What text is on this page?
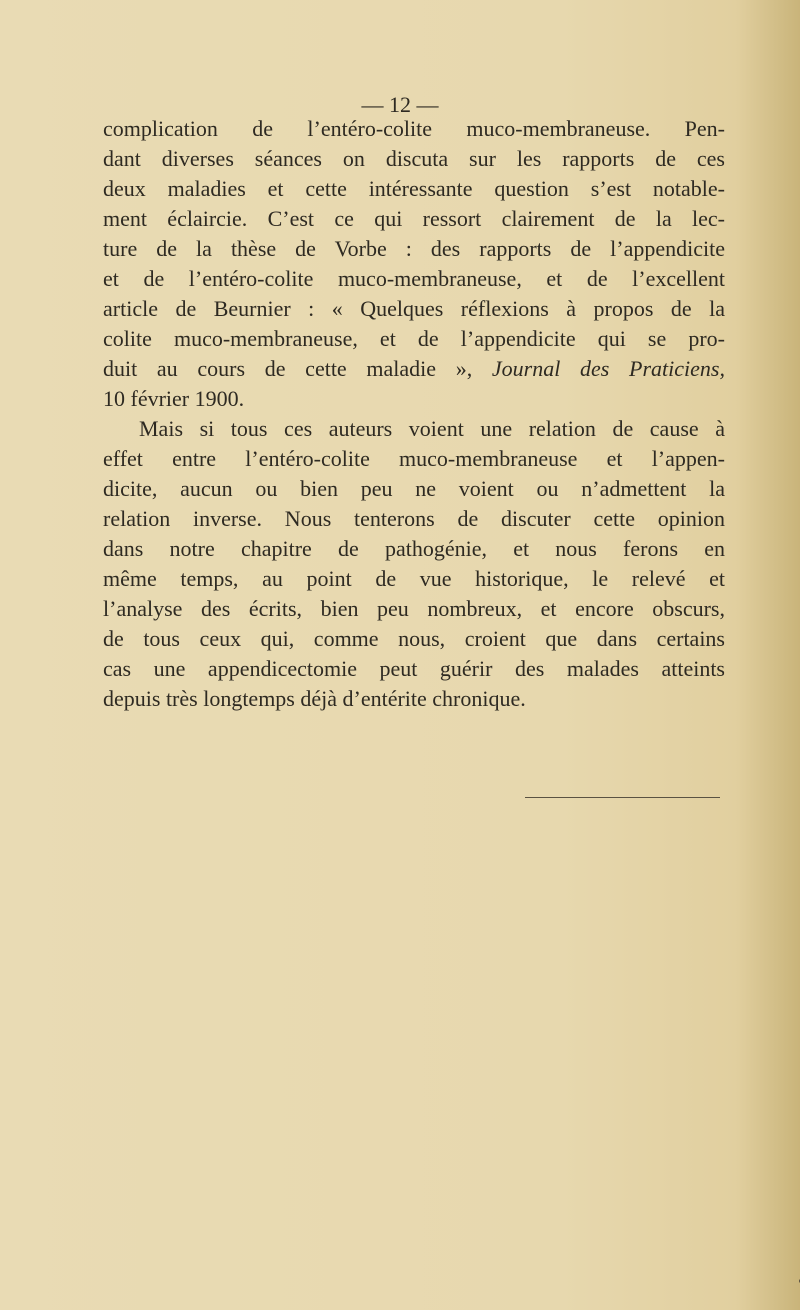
— 12 —
complication de l’entéro-colite muco-membraneuse. Pen-
dant diverses séances on discuta sur les rapports de ces
deux maladies et cette intéressante question s’est notable-
ment éclaircie. C’est ce qui ressort clairement de la lec-
ture de la thèse de Vorbe : des rapports de l’appendicite
et de l’entéro-colite muco-membraneuse, et de l’excellent
article de Beurnier : « Quelques réflexions à propos de la
colite muco-membraneuse, et de l’appendicite qui se pro-
duit au cours de cette maladie », Journal des Praticiens,
10 février 1900.
Mais si tous ces auteurs voient une relation de cause à
effet entre l’entéro-colite muco-membraneuse et l’appen-
dicite, aucun ou bien peu ne voient ou n’admettent la
relation inverse. Nous tenterons de discuter cette opinion
dans notre chapitre de pathogénie, et nous ferons en
même temps, au point de vue historique, le relevé et
l’analyse des écrits, bien peu nombreux, et encore obscurs,
de tous ceux qui, comme nous, croient que dans certains
cas une appendicectomie peut guérir des malades atteints
depuis très longtemps déjà d’entérite chronique.
